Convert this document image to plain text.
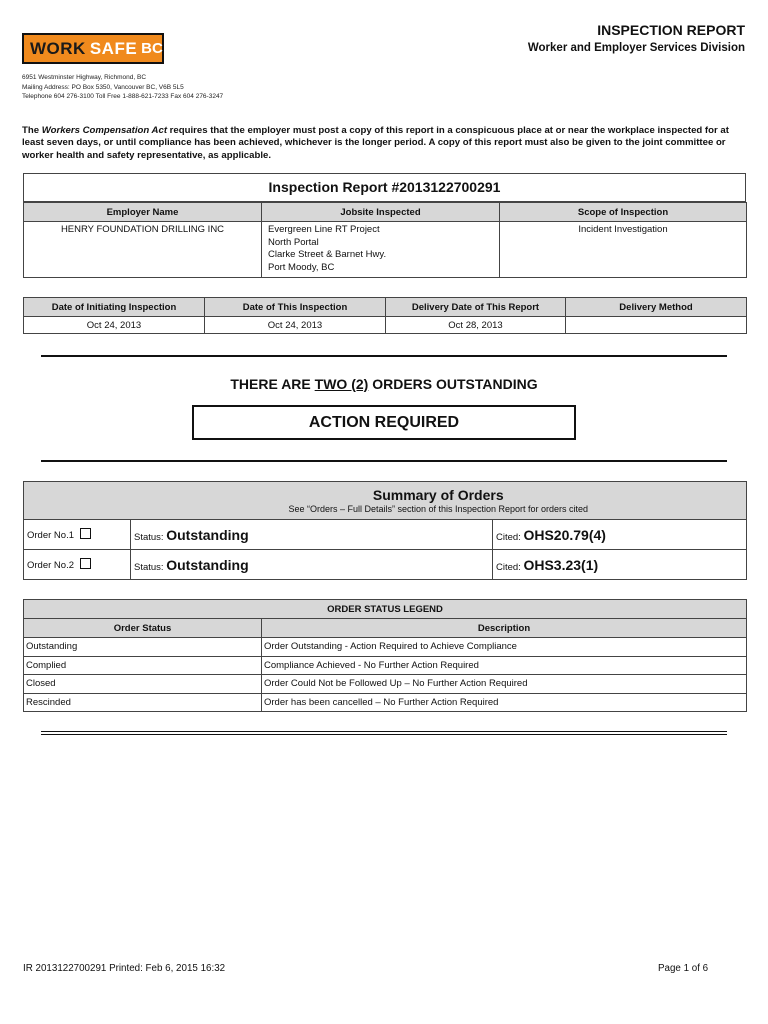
WORK SAFE BC
INSPECTION REPORT
Worker and Employer Services Division
6951 Westminster Highway, Richmond, BC
Mailing Address: PO Box 5350, Vancouver BC, V6B 5L5
Telephone 604 276-3100 Toll Free 1-888-621-7233 Fax 604 276-3247
The Workers Compensation Act requires that the employer must post a copy of this report in a conspicuous place at or near the workplace inspected for at least seven days, or until compliance has been achieved, whichever is the longer period. A copy of this report must also be given to the joint committee or worker health and safety representative, as applicable.
Inspection Report #2013122700291
Employer Name	Jobsite Inspected	Scope of Inspection
HENRY FOUNDATION DRILLING INC	Evergreen Line RT Project
North Portal
Clarke Street & Barnet Hwy.
Port Moody, BC	Incident Investigation
Date of Initiating Inspection	Date of This Inspection	Delivery Date of This Report	Delivery Method
Oct 24, 2013	Oct 24, 2013	Oct 28, 2013	
THERE ARE TWO (2) ORDERS OUTSTANDING
ACTION REQUIRED

	Summary of Orders
See “Orders – Full Details” section of this Inspection Report for orders cited	

Order No.1	Status: Outstanding	Cited: OHS20.79(4)
Order No.2	Status: Outstanding	Cited: OHS3.23(1)
ORDER STATUS LEGEND	
Order Status	Description
Outstanding	Order Outstanding - Action Required to Achieve Compliance
Complied	Compliance Achieved - No Further Action Required
Closed	Order Could Not be Followed Up – No Further Action Required
Rescinded	Order has been cancelled – No Further Action Required
IR 2013122700291 Printed: Feb 6, 2015 16:32	Page 1 of 6
